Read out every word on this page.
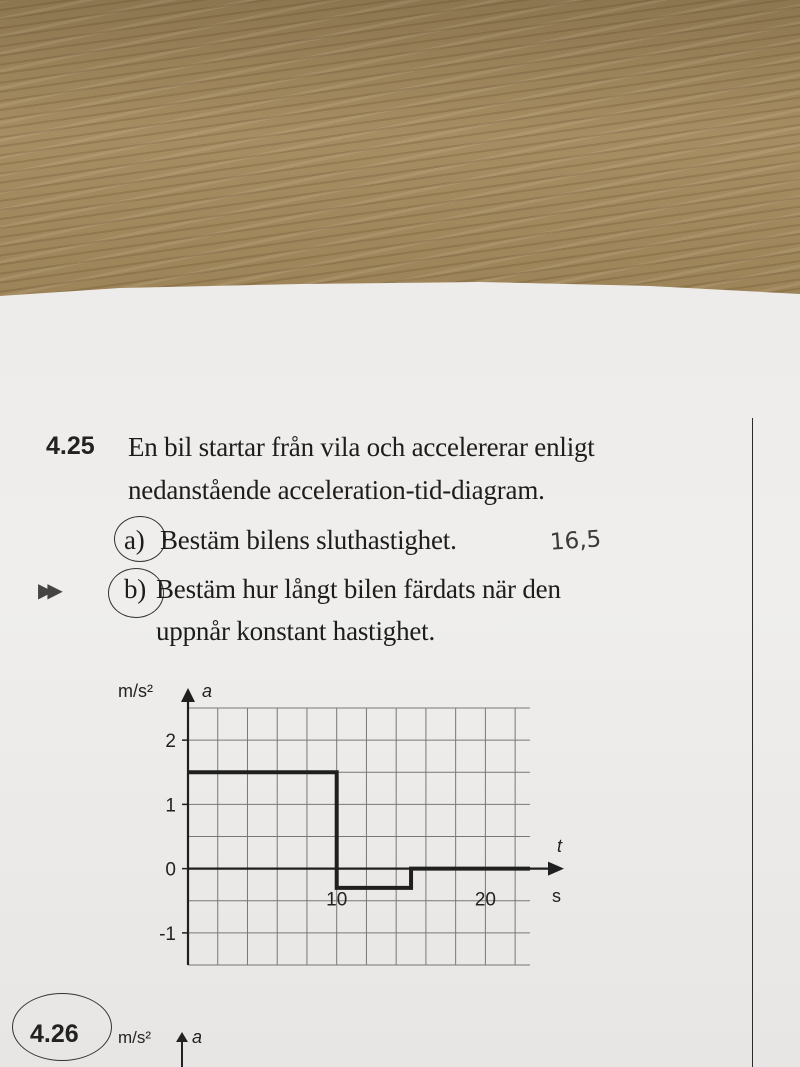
4.25 En bil startar från vila och accelererar enligt
nedanstående acceleration-tid-diagram.
a) Bestäm bilens sluthastighet.	16,5
▶▶ b) Bestäm hur långt bilen färdats när den
uppnår konstant hastighet.
2
1
0
-1
10	20
m/s²	a
t
s
4.26 m/s² a
